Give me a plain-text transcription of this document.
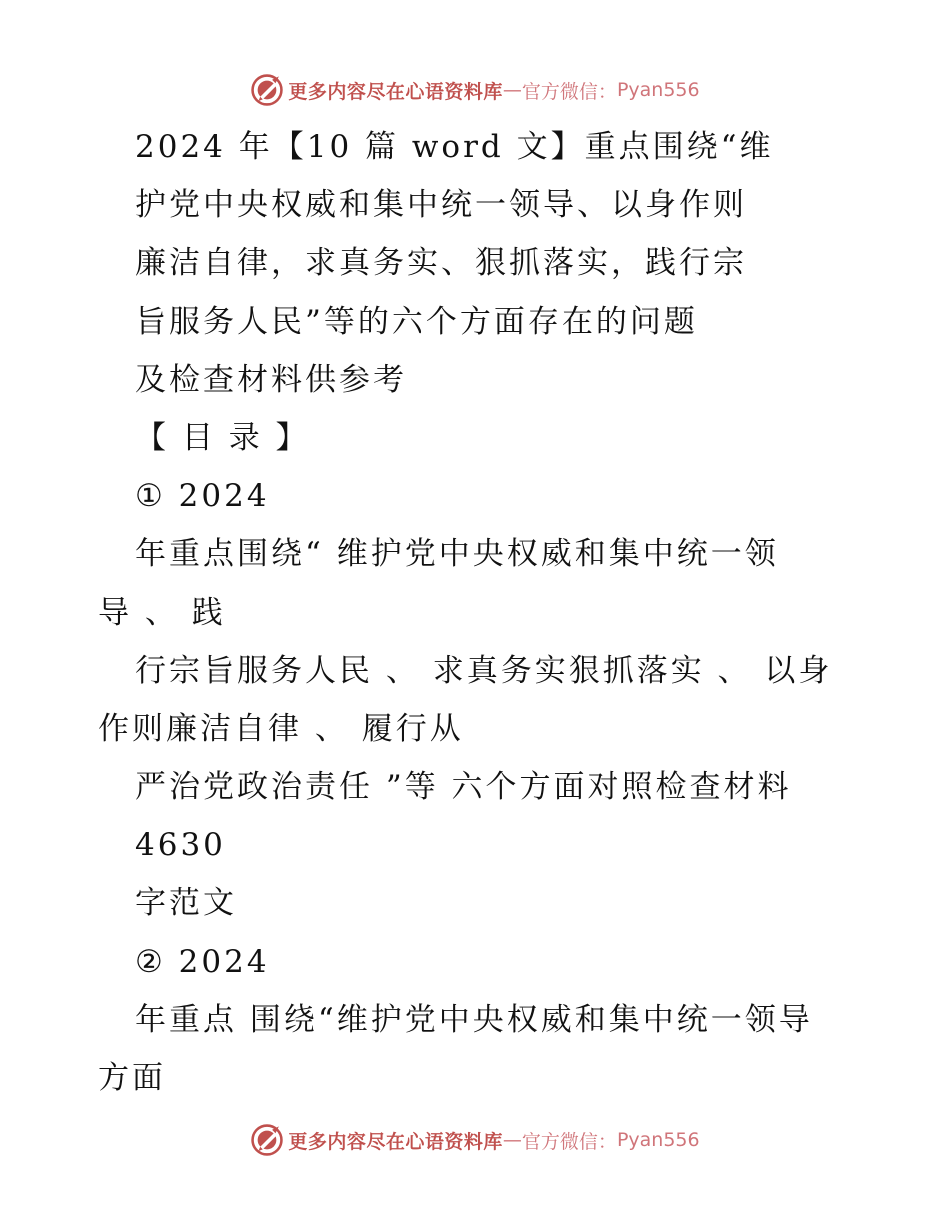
更多内容尽在心语资料库 — 官方微信： Pyan556
2024 年【10 篇 word 文】重点围绕“维
护党中央权威和集中统一领导、以身作则
廉洁自律，求真务实、狠抓落实，践行宗
旨服务人民”等的六个方面存在的问题
及检查材料供参考
【 目 录 】
① 2024
年重点围绕“ 维护党中央权威和集中统一领
导 、 践
行宗旨服务人民 、 求真务实狠抓落实 、 以身
作则廉洁自律 、 履行从
严治党政治责任 ”等 六个方面对照检查材料
4630
字范文
② 2024
年重点 围绕“维护党中央权威和集中统一领导
方面
更多内容尽在心语资料库 — 官方微信： Pyan556
